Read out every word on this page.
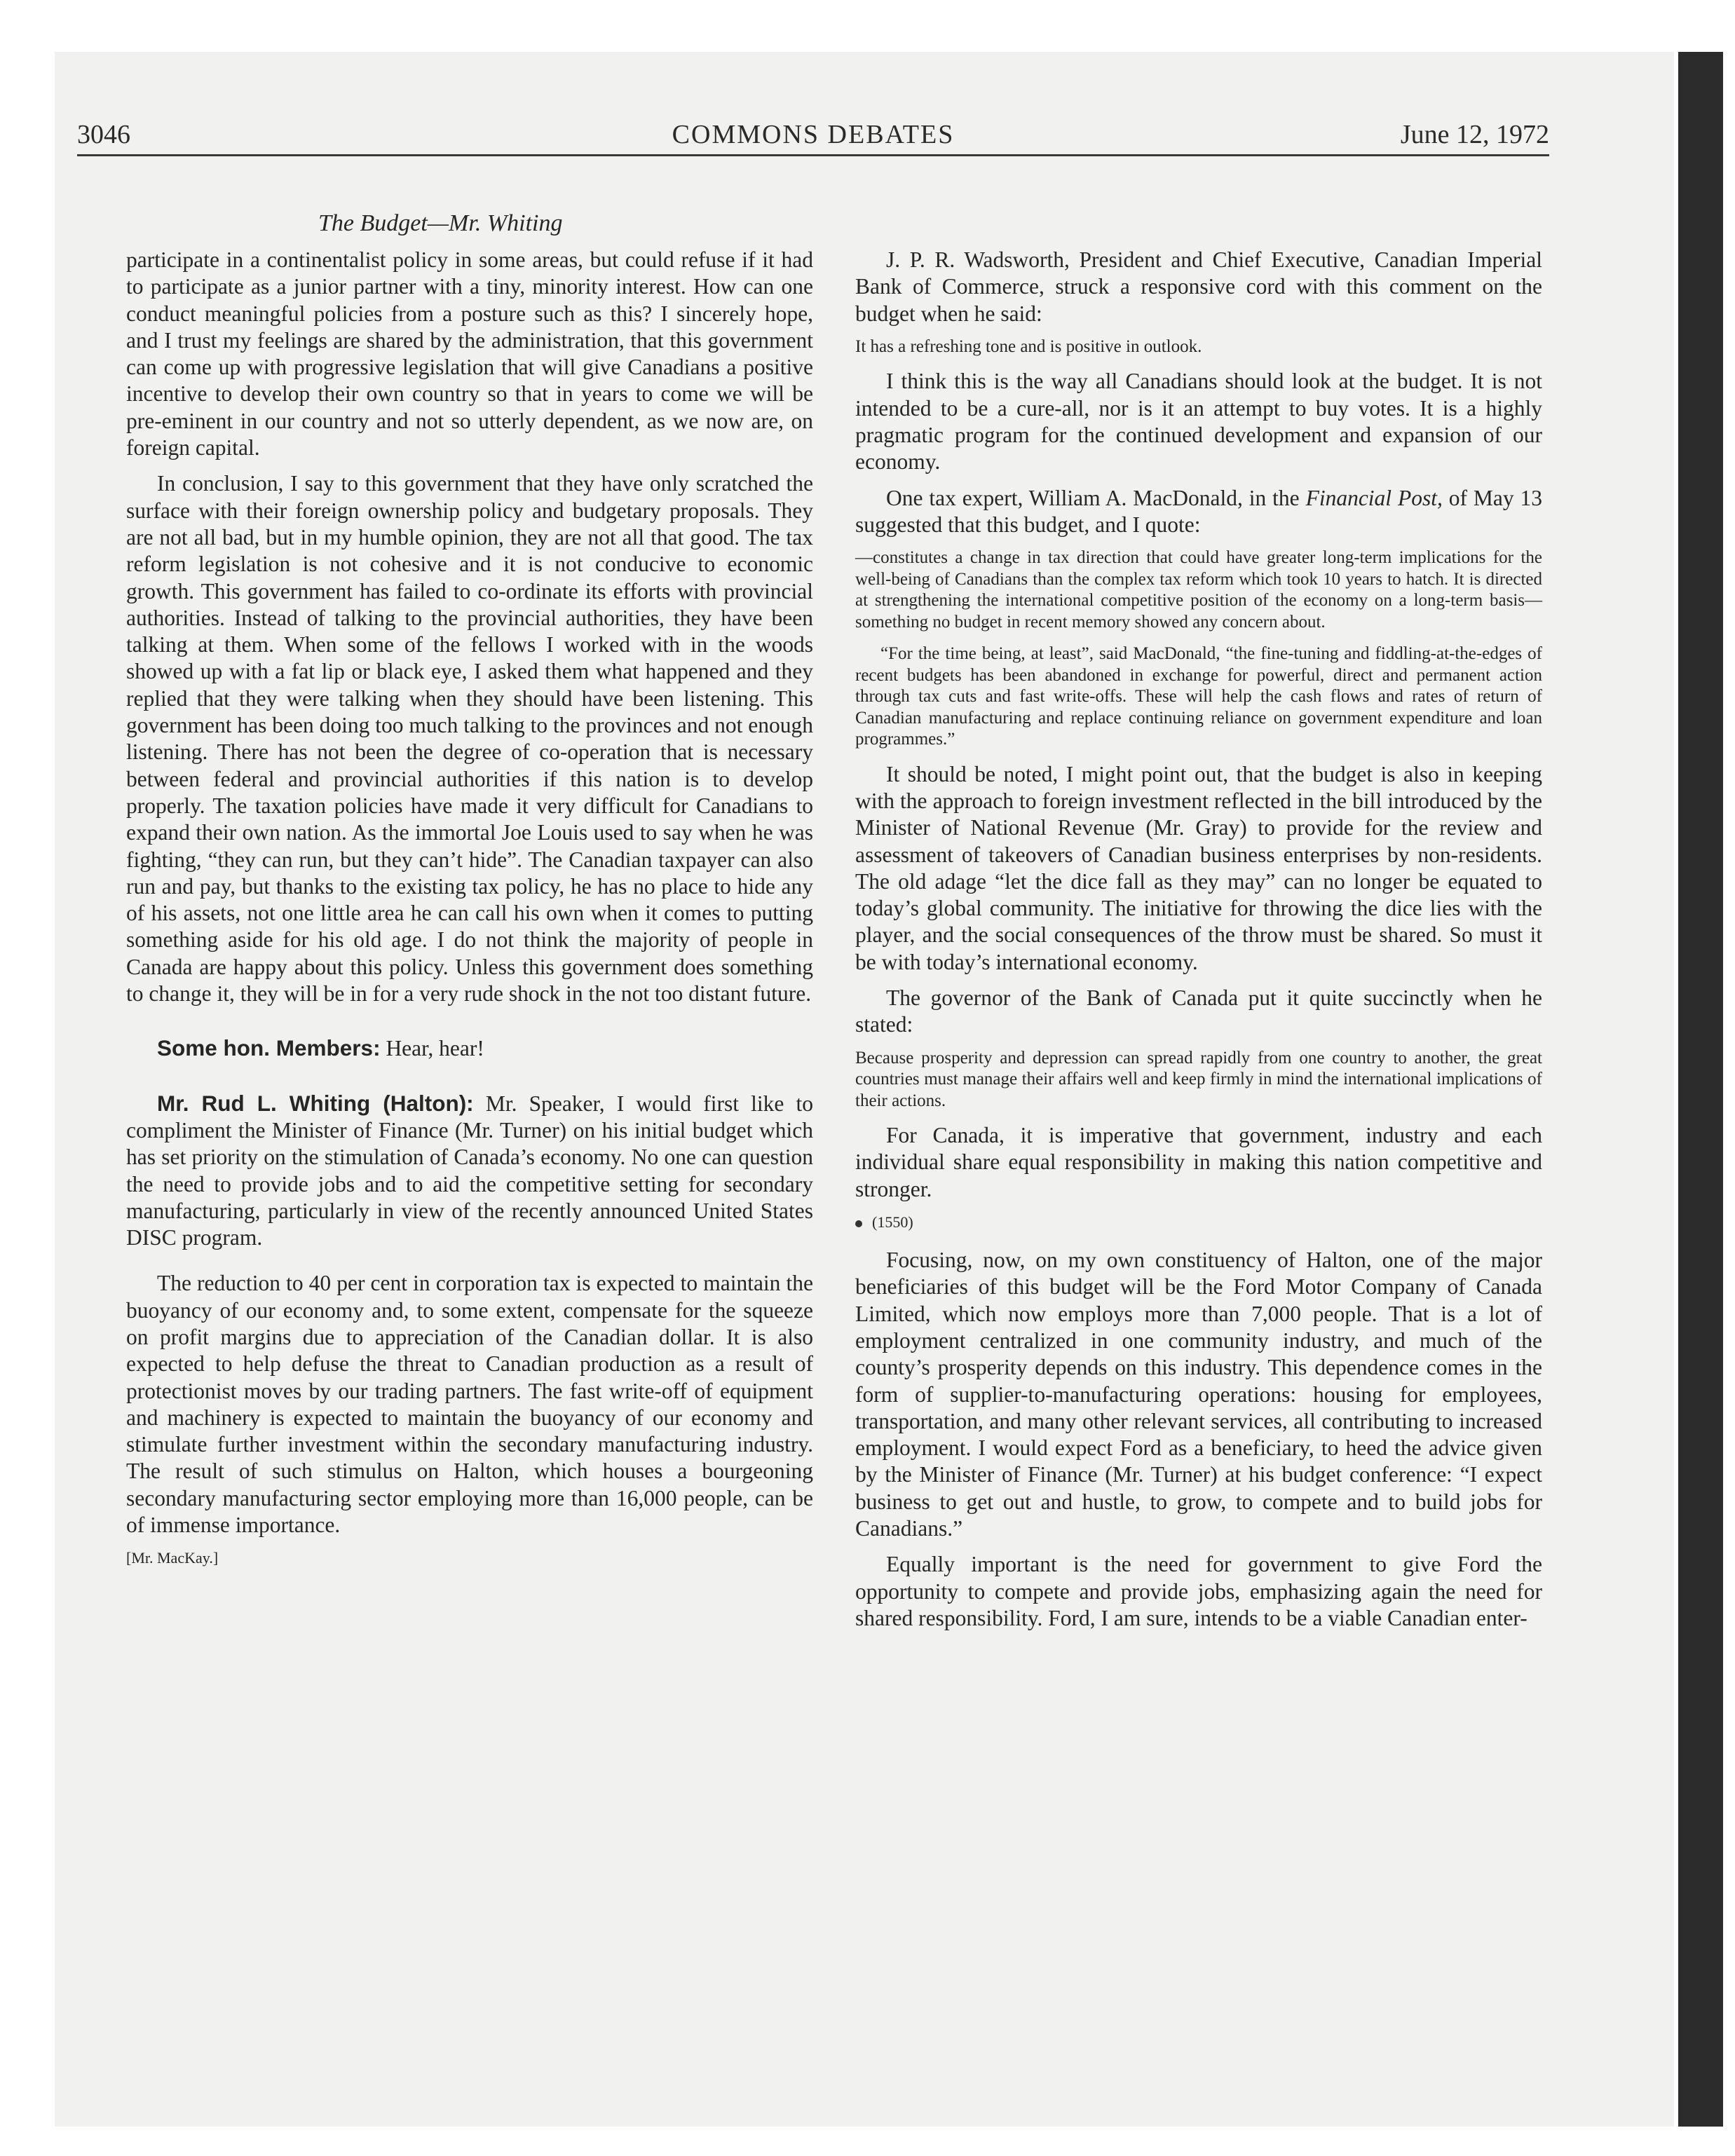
3046	COMMONS DEBATES	June 12, 1972
The Budget—Mr. Whiting

participate in a continentalist policy in some areas, but could refuse if it had to participate as a junior partner with a tiny, minority interest. How can one conduct meaningful policies from a posture such as this? I sincerely hope, and I trust my feelings are shared by the administration, that this government can come up with progressive legislation that will give Canadians a positive incentive to develop their own country so that in years to come we will be pre-eminent in our country and not so utterly dependent, as we now are, on foreign capital.

In conclusion, I say to this government that they have only scratched the surface with their foreign ownership policy and budgetary proposals. They are not all bad, but in my humble opinion, they are not all that good. The tax reform legislation is not cohesive and it is not conducive to economic growth. This government has failed to co-ordinate its efforts with provincial authorities. Instead of talking to the provincial authorities, they have been talking at them. When some of the fellows I worked with in the woods showed up with a fat lip or black eye, I asked them what happened and they replied that they were talking when they should have been listening. This government has been doing too much talking to the provinces and not enough listening. There has not been the degree of co-operation that is necessary between federal and provincial authorities if this nation is to develop properly. The taxation policies have made it very difficult for Canadians to expand their own nation. As the immortal Joe Louis used to say when he was fighting, “they can run, but they can’t hide”. The Canadian taxpayer can also run and pay, but thanks to the existing tax policy, he has no place to hide any of his assets, not one little area he can call his own when it comes to putting something aside for his old age. I do not think the majority of people in Canada are happy about this policy. Unless this government does something to change it, they will be in for a very rude shock in the not too distant future.

Some hon. Members: Hear, hear!

Mr. Rud L. Whiting (Halton): Mr. Speaker, I would first like to compliment the Minister of Finance (Mr. Turner) on his initial budget which has set priority on the stimulation of Canada’s economy. No one can question the need to provide jobs and to aid the competitive setting for secondary manufacturing, particularly in view of the recently announced United States DISC program.

The reduction to 40 per cent in corporation tax is expected to maintain the buoyancy of our economy and, to some extent, compensate for the squeeze on profit margins due to appreciation of the Canadian dollar. It is also expected to help defuse the threat to Canadian production as a result of protectionist moves by our trading partners. The fast write-off of equipment and machinery is expected to maintain the buoyancy of our economy and stimulate further investment within the secondary manufacturing industry. The result of such stimulus on Halton, which houses a bourgeoning secondary manufacturing sector employing more than 16,000 people, can be of immense importance.

[Mr. MacKay.]

J. P. R. Wadsworth, President and Chief Executive, Canadian Imperial Bank of Commerce, struck a responsive cord with this comment on the budget when he said:

It has a refreshing tone and is positive in outlook.

I think this is the way all Canadians should look at the budget. It is not intended to be a cure-all, nor is it an attempt to buy votes. It is a highly pragmatic program for the continued development and expansion of our economy.

One tax expert, William A. MacDonald, in the Financial Post, of May 13 suggested that this budget, and I quote:

—constitutes a change in tax direction that could have greater long-term implications for the well-being of Canadians than the complex tax reform which took 10 years to hatch. It is directed at strengthening the international competitive position of the economy on a long-term basis—something no budget in recent memory showed any concern about.

“For the time being, at least”, said MacDonald, “the fine-tuning and fiddling-at-the-edges of recent budgets has been abandoned in exchange for powerful, direct and permanent action through tax cuts and fast write-offs. These will help the cash flows and rates of return of Canadian manufacturing and replace continuing reliance on government expenditure and loan programmes.”

It should be noted, I might point out, that the budget is also in keeping with the approach to foreign investment reflected in the bill introduced by the Minister of National Revenue (Mr. Gray) to provide for the review and assessment of takeovers of Canadian business enterprises by non-residents. The old adage “let the dice fall as they may” can no longer be equated to today’s global community. The initiative for throwing the dice lies with the player, and the social consequences of the throw must be shared. So must it be with today’s international economy.

The governor of the Bank of Canada put it quite succinctly when he stated:

Because prosperity and depression can spread rapidly from one country to another, the great countries must manage their affairs well and keep firmly in mind the international implications of their actions.

For Canada, it is imperative that government, industry and each individual share equal responsibility in making this nation competitive and stronger.

(1550)

Focusing, now, on my own constituency of Halton, one of the major beneficiaries of this budget will be the Ford Motor Company of Canada Limited, which now employs more than 7,000 people. That is a lot of employment centralized in one community industry, and much of the county’s prosperity depends on this industry. This dependence comes in the form of supplier-to-manufacturing operations: housing for employees, transportation, and many other relevant services, all contributing to increased employment. I would expect Ford as a beneficiary, to heed the advice given by the Minister of Finance (Mr. Turner) at his budget conference: “I expect business to get out and hustle, to grow, to compete and to build jobs for Canadians.”

Equally important is the need for government to give Ford the opportunity to compete and provide jobs, emphasizing again the need for shared responsibility. Ford, I am sure, intends to be a viable Canadian enter-
